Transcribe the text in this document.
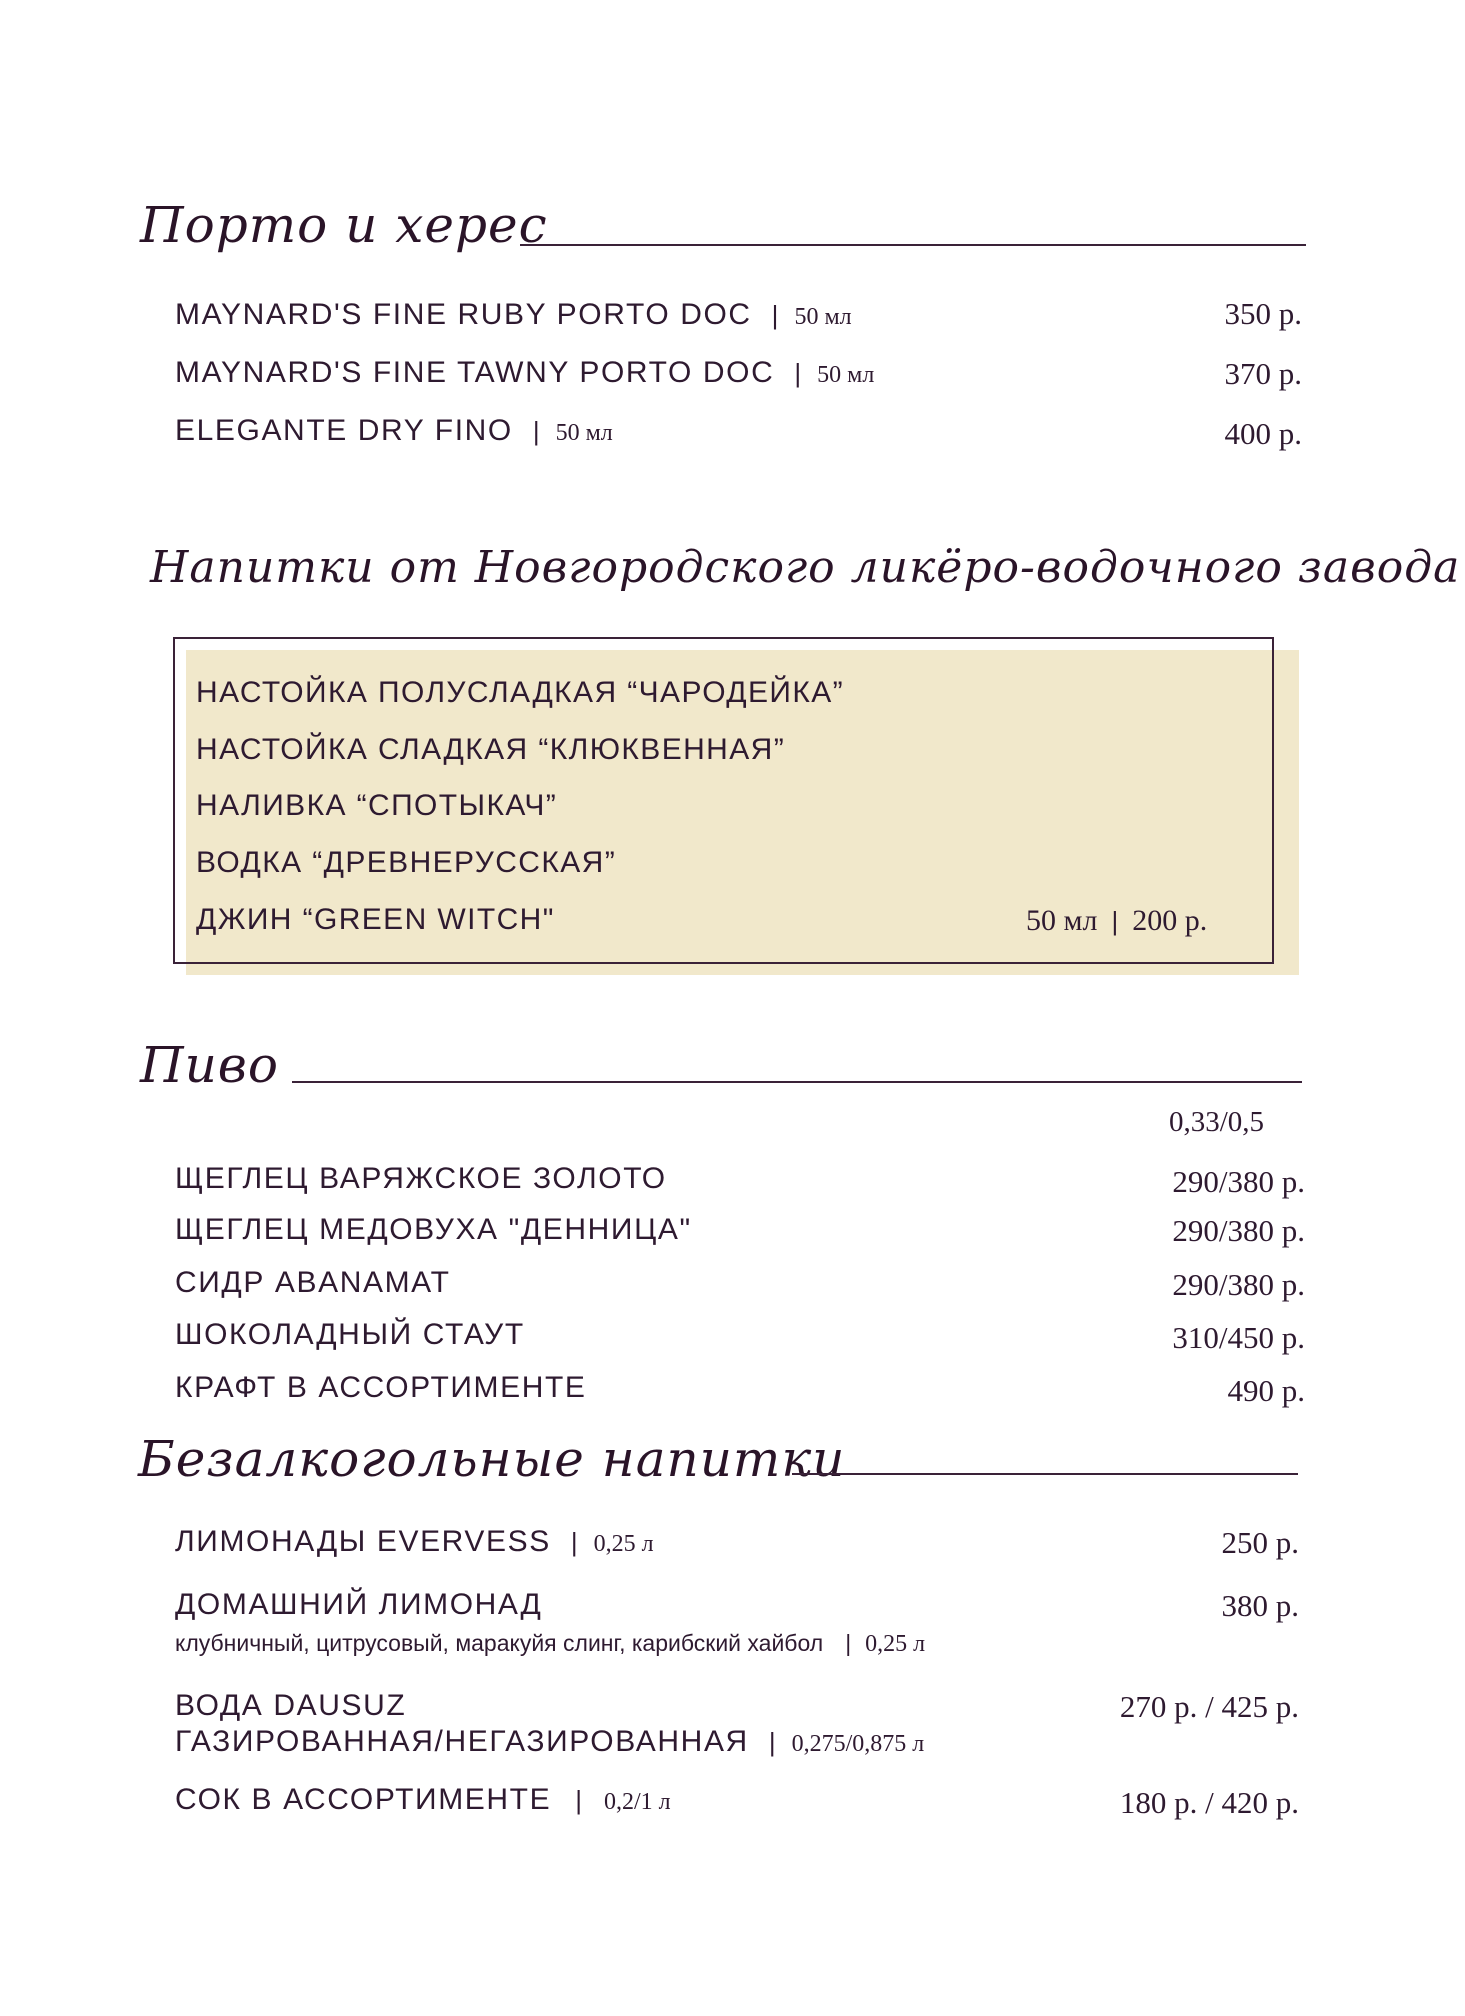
Порто и херес
MAYNARD'S FINE RUBY PORTO DOC | 50 мл	350 р.
MAYNARD'S FINE TAWNY PORTO DOC | 50 мл	370 р.
ELEGANTE DRY FINO | 50 мл	400 р.
Напитки от Новгородского ликёро-водочного завода
НАСТОЙКА ПОЛУСЛАДКАЯ “ЧАРОДЕЙКА”
НАСТОЙКА СЛАДКАЯ “КЛЮКВЕННАЯ”
НАЛИВКА “СПОТЫКАЧ”
ВОДКА “ДРЕВНЕРУССКАЯ”
ДЖИН “GREEN WITCH"	50 мл | 200 р.
Пиво
0,33/0,5
ЩЕГЛЕЦ ВАРЯЖСКОЕ ЗОЛОТО	290/380 р.
ЩЕГЛЕЦ МЕДОВУХА "ДЕННИЦА"	290/380 р.
СИДР ABANAMAT	290/380 р.
ШОКОЛАДНЫЙ СТАУТ	310/450 р.
КРАФТ В АССОРТИМЕНТЕ	490 р.
Безалкогольные напитки
ЛИМОНАДЫ EVERVESS | 0,25 л	250 р.
ДОМАШНИЙ ЛИМОНАД	380 р.
клубничный, цитрусовый, маракуйя слинг, карибский хайбол | 0,25 л
ВОДА DAUSUZ	270 р. / 425 р.
ГАЗИРОВАННАЯ/НЕГАЗИРОВАННАЯ | 0,275/0,875 л
СОК В АССОРТИМЕНТЕ | 0,2/1 л	180 р. / 420 р.
